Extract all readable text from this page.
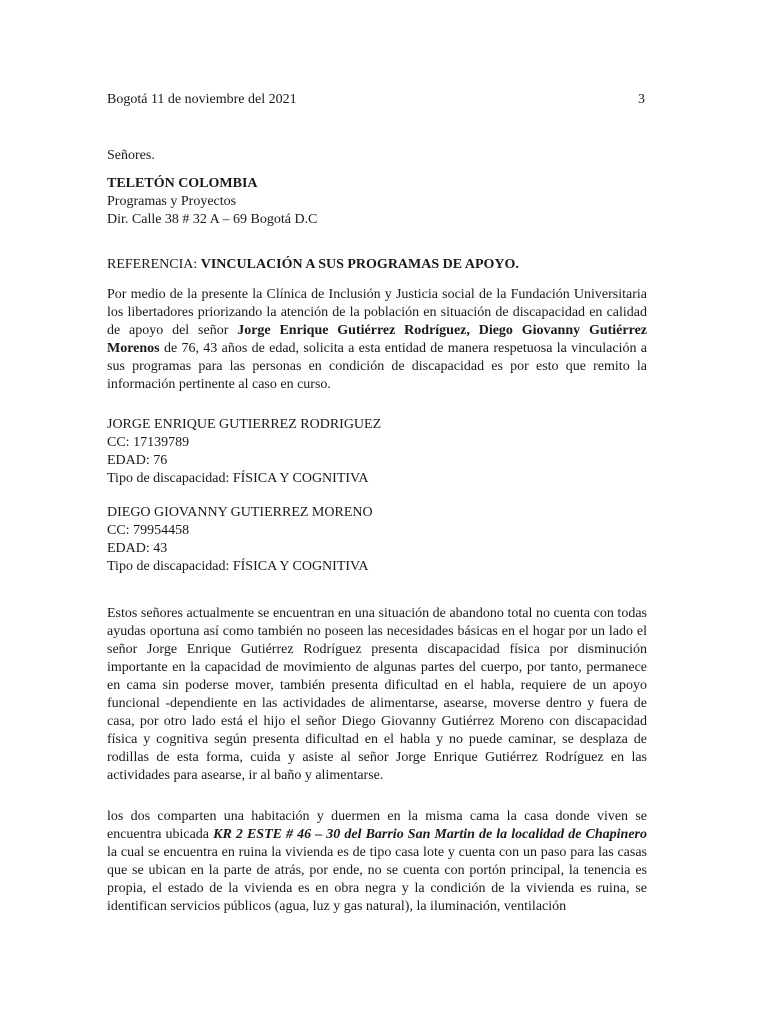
Bogotá 11 de noviembre del 2021	3
Señores.
TELETÓN COLOMBIA
Programas y Proyectos
Dir. Calle 38 # 32 A – 69 Bogotá D.C
REFERENCIA: VINCULACIÓN A SUS PROGRAMAS DE APOYO.

Por medio de la presente la Clínica de Inclusión y Justicia social de la Fundación Universitaria los libertadores priorizando la atención de la población en situación de discapacidad en calidad de apoyo del señor Jorge Enrique Gutiérrez Rodríguez, Diego Giovanny Gutiérrez Morenos de 76, 43 años de edad, solicita a esta entidad de manera respetuosa la vinculación a sus programas para las personas en condición de discapacidad es por esto que remito la información pertinente al caso en curso.

JORGE ENRIQUE GUTIERREZ RODRIGUEZ
CC: 17139789
EDAD: 76
Tipo de discapacidad: FÍSICA Y COGNITIVA
DIEGO GIOVANNY GUTIERREZ MORENO
CC: 79954458
EDAD: 43
Tipo de discapacidad: FÍSICA Y COGNITIVA

Estos señores actualmente se encuentran en una situación de abandono total no cuenta con todas ayudas oportuna así como también no poseen las necesidades básicas en el hogar por un lado el señor Jorge Enrique Gutiérrez Rodríguez presenta discapacidad física por disminución importante en la capacidad de movimiento de algunas partes del cuerpo, por tanto, permanece en cama sin poderse mover, también presenta dificultad en el habla, requiere de un apoyo funcional -dependiente en las actividades de alimentarse, asearse, moverse dentro y fuera de casa, por otro lado está el hijo el señor Diego Giovanny Gutiérrez Moreno con discapacidad física y cognitiva según presenta dificultad en el habla y no puede caminar, se desplaza de rodillas de esta forma, cuida y asiste al señor Jorge Enrique Gutiérrez Rodríguez en las actividades para asearse, ir al baño y alimentarse.

los dos comparten una habitación y duermen en la misma cama la casa donde viven se encuentra ubicada KR 2 ESTE # 46 – 30 del Barrio San Martin de la localidad de Chapinero la cual se encuentra en ruina la vivienda es de tipo casa lote y cuenta con un paso para las casas que se ubican en la parte de atrás, por ende, no se cuenta con portón principal, la tenencia es propia, el estado de la vivienda es en obra negra y la condición de la vivienda es ruina, se identifican servicios públicos (agua, luz y gas natural), la iluminación, ventilación
